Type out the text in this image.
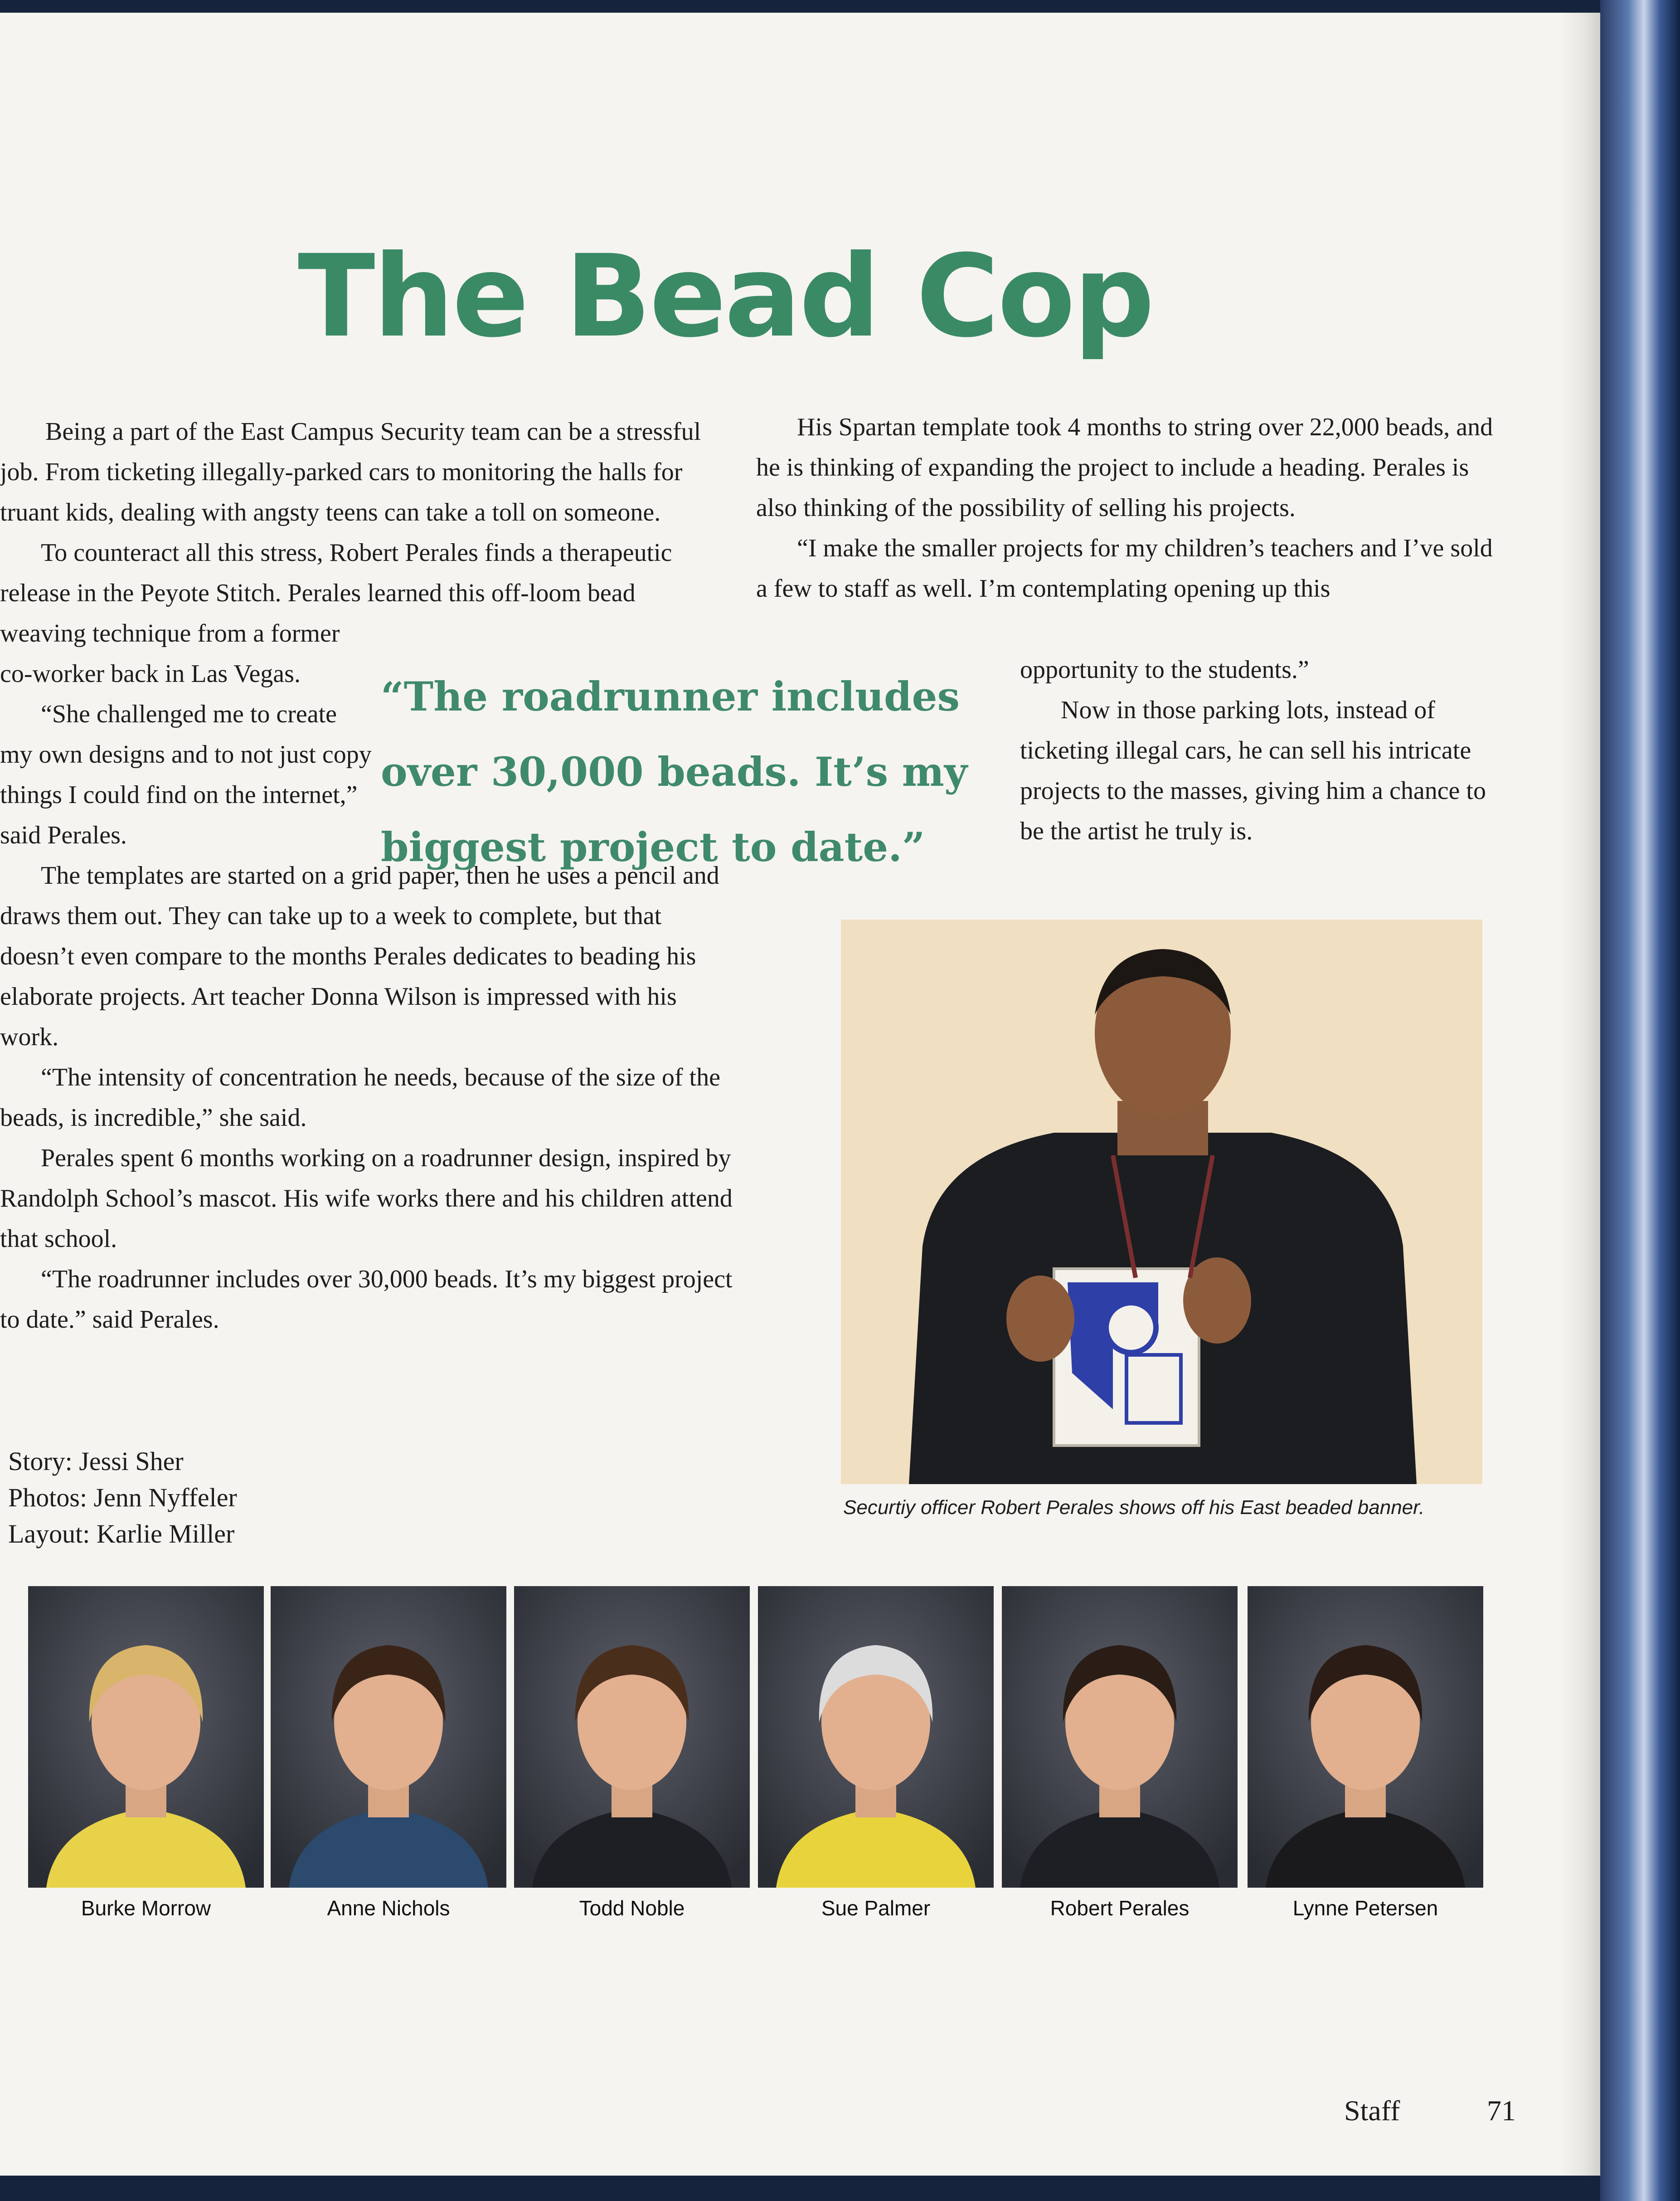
The Bead Cop

Being a part of the East Campus Security team can be a stressful job. From ticketing illegally-parked cars to monitoring the halls for truant kids, dealing with angsty teens can take a toll on someone.

To counteract all this stress, Robert Perales finds a therapeutic release in the Peyote Stitch. Perales learned this off-loom bead

weaving technique from a former co-worker back in Las Vegas.

“She challenged me to create my own designs and to not just copy things I could find on the internet,” said Perales.

The templates are started on a grid paper, then he uses a pencil and draws them out. They can take up to a week to complete, but that doesn’t even compare to the months Perales dedicates to beading his elaborate projects. Art teacher Donna Wilson is impressed with his work.

“The intensity of concentration he needs, because of the size of the beads, is incredible,” she said.

Perales spent 6 months working on a roadrunner design, inspired by Randolph School’s mascot. His wife works there and his children attend that school.

“The roadrunner includes over 30,000 beads. It’s my biggest project to date.” said Perales.

“The roadrunner includes over 30,000 beads. It’s my biggest project to date.”

His Spartan template took 4 months to string over 22,000 beads, and he is thinking of expanding the project to include a heading. Perales is also thinking of the possibility of selling his projects.

“I make the smaller projects for my children’s teachers and I’ve sold a few to staff as well. I’m contemplating opening up this

opportunity to the students.”

Now in those parking lots, instead of ticketing illegal cars, he can sell his intricate projects to the masses, giving him a chance to be the artist he truly is.

Securtiy officer Robert Perales shows off his East beaded banner.
Story: Jessi Sher
Photos: Jenn Nyffeler
Layout: Karlie Miller
Burke Morrow	Anne Nichols	Todd Noble	Sue Palmer	Robert Perales	Lynne Petersen
Staff	71
